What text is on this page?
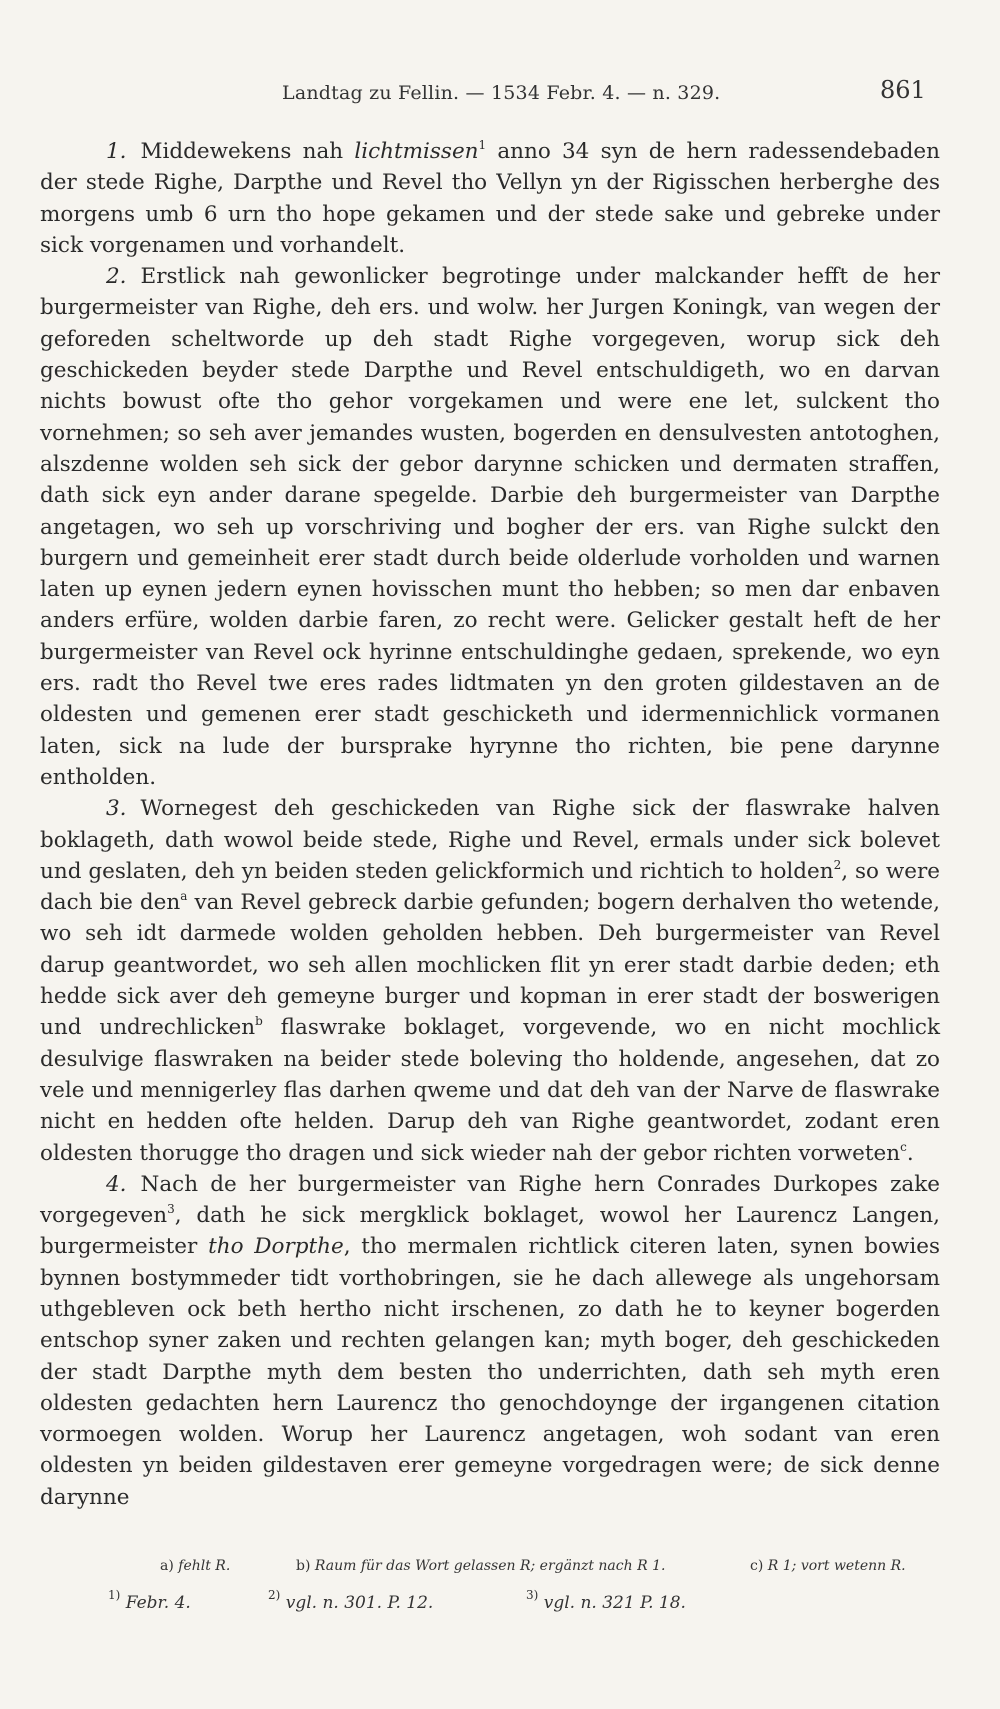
Landtag zu Fellin. — 1534 Febr. 4. — n. 329.	861

1. Middewekens nah lichtmissen$^1$ anno 34 syn de hern radessendebaden der stede Righe, Darpthe und Revel tho Vellyn yn der Rigisschen herberghe des morgens umb 6 urn tho hope gekamen und der stede sake und gebreke under sick vorgenamen und vorhandelt.

2. Erstlick nah gewonlicker begrotinge under malckander hefft de her burgermeister van Righe, deh ers. und wolw. her Jurgen Koningk, van wegen der geforeden scheltworde up deh stadt Righe vorgegeven, worup sick deh geschickeden beyder stede Darpthe und Revel entschuldigeth, wo en darvan nichts bowust ofte tho gehor vorgekamen und were ene let, sulckent tho vornehmen; so seh aver jemandes wusten, bogerden en densulvesten antotoghen, alszdenne wolden seh sick der gebor darynne schicken und dermaten straffen, dath sick eyn ander darane spegelde. Darbie deh burgermeister van Darpthe angetagen, wo seh up vorschriving und bogher der ers. van Righe sulckt den burgern und gemeinheit erer stadt durch beide olderlude vorholden und warnen laten up eynen jedern eynen hovisschen munt tho hebben; so men dar enbaven anders erfüre, wolden darbie faren, zo recht were. Gelicker gestalt heft de her burgermeister van Revel ock hyrinne entschuldinghe gedaen, sprekende, wo eyn ers. radt tho Revel twe eres rades lidtmaten yn den groten gildestaven an de oldesten und gemenen erer stadt geschicketh und idermennichlick vormanen laten, sick na lude der bursprake hyrynne tho richten, bie pene darynne entholden.

3. Wornegest deh geschickeden van Righe sick der flaswrake halven boklageth, dath wowol beide stede, Righe und Revel, ermals under sick bolevet und geslaten, deh yn beiden steden gelickformich und richtich to holden$^2$, so were dach bie den$^a$ van Revel gebreck darbie gefunden; bogern derhalven tho wetende, wo seh idt darmede wolden geholden hebben. Deh burgermeister van Revel darup geantwordet, wo seh allen mochlicken flit yn erer stadt darbie deden; eth hedde sick aver deh gemeyne burger und kopman in erer stadt der boswerigen und undrechlicken$^b$ flaswrake boklaget, vorgevende, wo en nicht mochlick desulvige flaswraken na beider stede boleving tho holdende, angesehen, dat zo vele und mennigerley flas darhen qweme und dat deh van der Narve de flaswrake nicht en hedden ofte helden. Darup deh van Righe geantwordet, zodant eren oldesten thorugge tho dragen und sick wieder nah der gebor richten vorweten$^c$.

4. Nach de her burgermeister van Righe hern Conrades Durkopes zake vorgegeven$^3$, dath he sick mergklick boklaget, wowol her Laurencz Langen, burgermeister tho Dorpthe, tho mermalen richtlick citeren laten, synen bowies bynnen bostymmeder tidt vorthobringen, sie he dach allewege als ungehorsam uthgebleven ock beth hertho nicht irschenen, zo dath he to keyner bogerden entschop syner zaken und rechten gelangen kan; myth boger, deh geschickeden der stadt Darpthe myth dem besten tho underrichten, dath seh myth eren oldesten gedachten hern Laurencz tho genochdoynge der irgangenen citation vormoegen wolden. Worup her Laurencz angetagen, woh sodant van eren oldesten yn beiden gildestaven erer gemeyne vorgedragen were; de sick denne darynne

a) fehlt R.	b) Raum für das Wort gelassen R; ergänzt nach R 1.	c) R 1; vort wetenn R.
$^{1)}$ Febr. 4.	$^{2)}$ vgl. n. 301. P. 12.	$^{3)}$ vgl. n. 321 P. 18.
